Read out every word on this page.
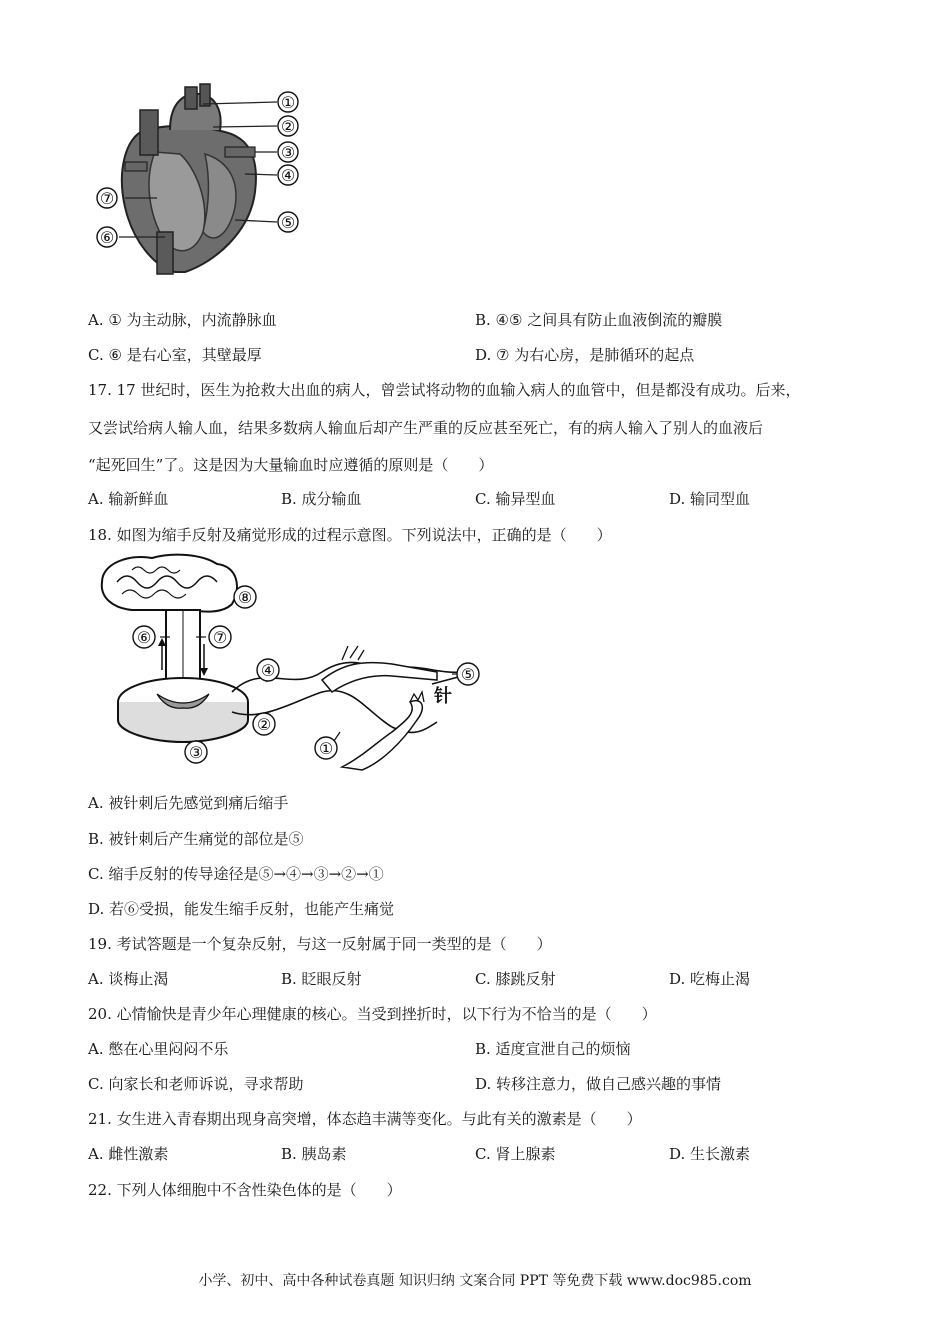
①
②
③
④
⑤
⑥
⑦
A. ① 为主动脉，内流静脉血	B. ④⑤ 之间具有防止血液倒流的瓣膜
C. ⑥ 是右心室，其壁最厚	D. ⑦ 为右心房，是肺循环的起点
17. 17 世纪时，医生为抢救大出血的病人，曾尝试将动物的血输入病人的血管中，但是都没有成功。后来，
又尝试给病人输人血，结果多数病人输血后却产生严重的反应甚至死亡，有的病人输入了别人的血液后
“起死回生”了。这是因为大量输血时应遵循的原则是（　　）
A. 输新鲜血	B. 成分输血	C. 输异型血	D. 输同型血
18. 如图为缩手反射及痛觉形成的过程示意图。下列说法中，正确的是（　　）
⑧
⑥	⑦
④
②
③	①
⑤
针
A. 被针刺后先感觉到痛后缩手
B. 被针刺后产生痛觉的部位是⑤
C. 缩手反射的传导途径是⑤→④→③→②→①
D. 若⑥受损，能发生缩手反射，也能产生痛觉
19. 考试答题是一个复杂反射，与这一反射属于同一类型的是（　　）
A. 谈梅止渴	B. 眨眼反射	C. 膝跳反射	D. 吃梅止渴
20. 心情愉快是青少年心理健康的核心。当受到挫折时，以下行为不恰当的是（　　）
A. 憋在心里闷闷不乐	B. 适度宣泄自己的烦恼
C. 向家长和老师诉说，寻求帮助	D. 转移注意力，做自己感兴趣的事情
21. 女生进入青春期出现身高突增，体态趋丰满等变化。与此有关的激素是（　　）
A. 雌性激素	B. 胰岛素	C. 肾上腺素	D. 生长激素
22. 下列人体细胞中不含性染色体的是（　　）
小学、初中、高中各种试卷真题 知识归纳 文案合同 PPT 等免费下载 www.doc985.com
